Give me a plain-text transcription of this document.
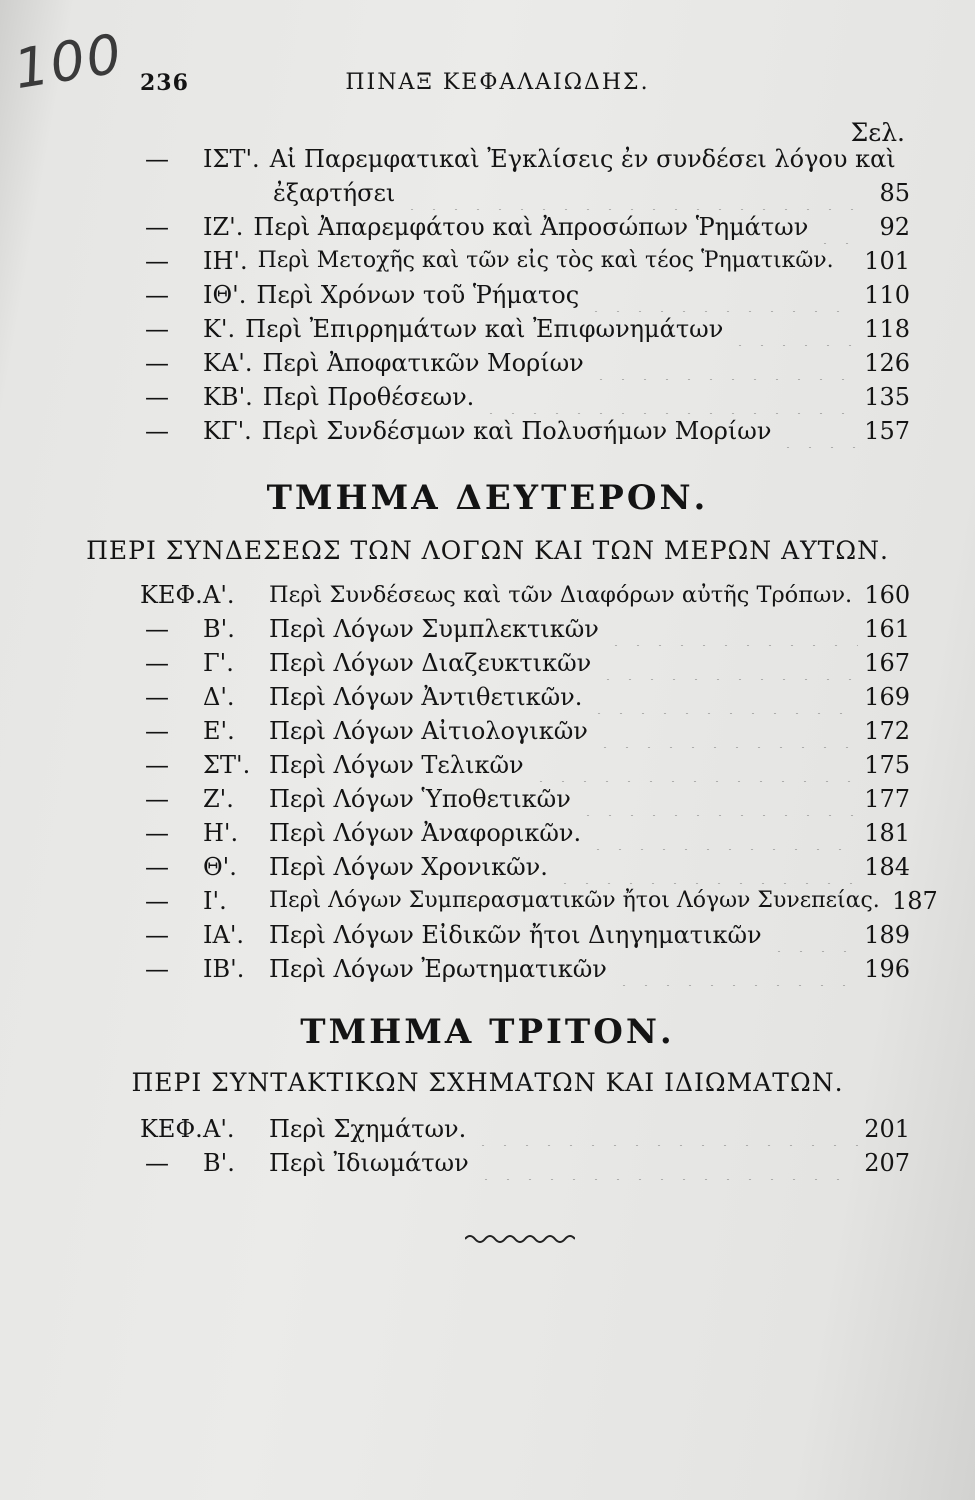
100 236	ΠΙΝΑΞ ΚΕΦΑΛΑΙΩΔΗΣ.
Σελ.
—	ΙΣΤ'. Αἱ Παρεμφατικαὶ Ἐγκλίσεις ἐν συνδέσει λόγου καὶ
ἐξαρτήσει	85
—	ΙΖ'. Περὶ Ἀπαρεμφάτου καὶ Ἀπροσώπων Ῥημάτων	92
—	ΙΗ'. Περὶ Μετοχῆς καὶ τῶν εἰς τὸς καὶ τέος Ῥηματικῶν. 101
—	ΙΘ'. Περὶ Χρόνων τοῦ Ῥήματος	110
—	Κ'. Περὶ Ἐπιρρημάτων καὶ Ἐπιφωνημάτων	118
—	ΚΑ'. Περὶ Ἀποφατικῶν Μορίων	126
—	ΚΒ'. Περὶ Προθέσεων.	135
—	ΚΓ'. Περὶ Συνδέσμων καὶ Πολυσήμων Μορίων	157
ΤΜΗΜΑ ΔΕΥΤΕΡΟΝ.
ΠΕΡΙ ΣΥΝΔΕΣΕΩΣ ΤΩΝ ΛΟΓΩΝ ΚΑΙ ΤΩΝ ΜΕΡΩΝ ΑΥΤΩΝ.
ΚΕΦ. Α'.	Περὶ Συνδέσεως καὶ τῶν Διαφόρων αὐτῆς Τρόπων. 160
—	Β'.	Περὶ Λόγων Συμπλεκτικῶν	161
—	Γ'.	Περὶ Λόγων Διαζευκτικῶν	167
—	Δ'.	Περὶ Λόγων Ἀντιθετικῶν.	169
—	Ε'.	Περὶ Λόγων Αἰτιολογικῶν	172
—	ΣΤ'. Περὶ Λόγων Τελικῶν	175
—	Ζ'.	Περὶ Λόγων Ὑποθετικῶν	177
—	Η'.	Περὶ Λόγων Ἀναφορικῶν.	181
—	Θ'.	Περὶ Λόγων Χρονικῶν.	184
—	Ι'.	Περὶ Λόγων Συμπερασματικῶν ἤτοι Λόγων Συνεπείας. 187
—	ΙΑ'.	Περὶ Λόγων Εἰδικῶν ἤτοι Διηγηματικῶν	189
—	ΙΒ'.	Περὶ Λόγων Ἐρωτηματικῶν	196
ΤΜΗΜΑ ΤΡΙΤΟΝ.
ΠΕΡΙ ΣΥΝΤΑΚΤΙΚΩΝ ΣΧΗΜΑΤΩΝ ΚΑΙ ΙΔΙΩΜΑΤΩΝ.
ΚΕΦ. Α'.	Περὶ Σχημάτων.	201
—	Β'.	Περὶ Ἰδιωμάτων	207
